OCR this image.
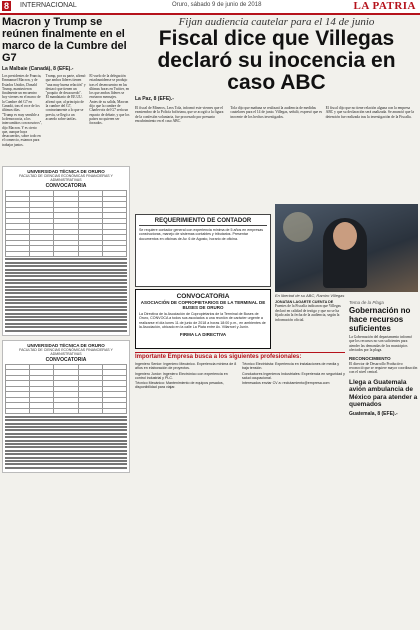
8 INTERNACIONAL	Oruro, sábado 9 de junio de 2018	LA PATRIA
Macron y Trump se reúnen finalmente en el marco de la Cumbre del G7
La Malbaie (Canadá), 8 (EFE).-

Los presidentes de Francia, Emmanuel Macron, y de Estados Unidos, Donald Trump, mantuvieron finalmente un encuentro hoy viernes en el marco de la Cumbre del G7 en Canadá, tras el roce de los últimos días.

"Trump es muy sensible a la democracia, a los intercambios con nosotros", dijo Macron. Y es cierto que, aunque haya desacuerdos, sobre todo en el comercio, estamos para trabajar juntos.

Trump, por su parte, afirmó que ambos líderes tienen "una muy buena relación" y destacó que tienen un "poquito de desacuerdo".

El mandatario de EE.UU. afirmó que, al principio de la cumbre del G7, contrariamente a lo que se prevía, se llegó a un acuerdo sobre tarifas.

El vuelo de la delegación estadounidense se produjo tras el desencuentro en las últimas horas en Twitter, en los que ambos líderes se enviaron mensajes.

Antes de su salida, Macron dijo que la cumbre de Charlevoix del G7 sería un espacio de debate, y que los países no quieren ser forzados.

UNIVERSIDAD TÉCNICA DE ORURO
FACULTAD DE CIENCIAS ECONÓMICAS FINANCIERAS Y ADMINISTRATIVAS
CONVOCATORIA

UNIVERSIDAD TÉCNICA DE ORURO
FACULTAD DE CIENCIAS ECONÓMICAS FINANCIERAS Y ADMINISTRATIVAS
CONVOCATORIA

Fijan audiencia cautelar para el 14 de junio
Fiscal dice que Villegas declaró su inocencia en caso ABC
La Paz, 8 (EFE).-

El fiscal de Mineros, Leos Tola, informó este viernes que el exmiembro de la Policía boliviana, que se acogió a la figura de la confesión voluntaria, fue procesado por presunto encubrimiento en el caso ABC.

Tola dijo que mañana se realizará la audiencia de medidas cautelares para el 14 de junio. Villegas, señaló, expresó que es inocente de los hechos investigados.

El fiscal dijo que no tiene relación alguna con la empresa ABC y que su declaración será analizada. Se anunció que la detención fue realizada tras la investigación de la Fiscalía.

REQUERIMIENTO DE CONTADOR
Se requiere contador general con experiencia mínima de 5 años en empresas constructoras, manejo de sistemas contables y tributarios. Presentar documentos en oficinas de Av. 6 de Agosto, horario de oficina.
CONVOCATORIA
ASOCIACIÓN DE COPROPIETARIOS DE LA TERMINAL DE BUSES DE ORURO
La Directiva de la Asociación de Copropietarios de la Terminal de Buses de Oruro, CONVOCA a todos sus asociados a una reunión de carácter urgente a realizarse el día lunes 11 de junio de 2018 a horas 18:00 p.m., en ambientes de la Asociación, ubicado en la calle La Plata entre Av. Villarroel y Junín.
FIRMA LA DIRECTIVA
En libertad de su ABC, Ramiro Villegas
JONATAN LAGARTE CUENTA DE
Fuentes de la Fiscalía indicaron que Villegas declaró en calidad de testigo y que no se ha fijado aún la fecha de la audiencia, según la información oficial.
Tema de la Plaga
Gobernación no hace recursos suficientes
La Gobernación del departamento informó que los recursos no son suficientes para atender las demandas de los municipios afectados por la plaga.
RECONOCIMIENTO
El director de Desarrollo Productivo reconoció que se requiere mayor coordinación con el nivel central.
Llega a Guatemala avión ambulancia de México para atender a quemados
Guatemala, 8 (EFE).-
Importante Empresa busca a los siguientes profesionales:

Ingeniero Senior: Ingeniero Mecánico. Experiencia mínima de 8 años en elaboración de proyectos.

Ingeniero Junior: Ingeniero Electrónico con experiencia en control industrial y PLC.

Técnico Mecánico: Mantenimiento de equipos pesados, disponibilidad para viajar.

Técnico Electricista: Experiencia en instalaciones de media y baja tensión.

Conductores Ingenieros Industriales: Experiencia en seguridad y salud ocupacional.

Interesados enviar CV a: reclutamiento@empresa.com
